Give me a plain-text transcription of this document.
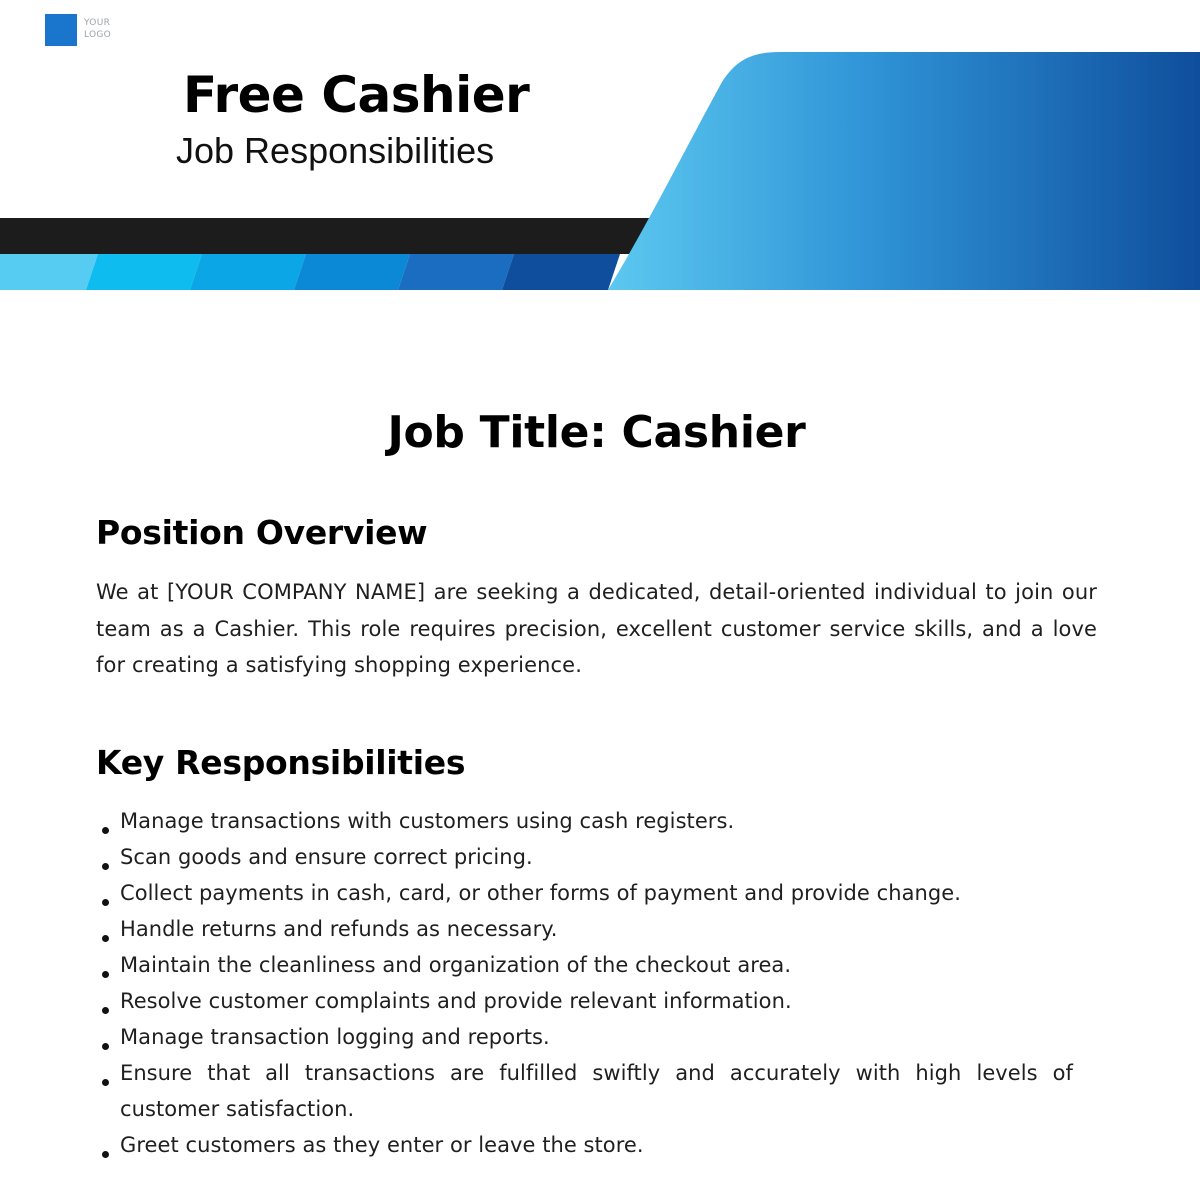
YOUR
LOGO
Free Cashier
Job Responsibilities
Job Title: Cashier
Position Overview

We at [YOUR COMPANY NAME] are seeking a dedicated, detail-oriented individual to join our team as a Cashier. This role requires precision, excellent customer service skills, and a love for creating a satisfying shopping experience.

Key Responsibilities
Manage transactions with customers using cash registers.
Scan goods and ensure correct pricing.
Collect payments in cash, card, or other forms of payment and provide change.
Handle returns and refunds as necessary.
Maintain the cleanliness and organization of the checkout area.
Resolve customer complaints and provide relevant information.
Manage transaction logging and reports.
Ensure that all transactions are fulfilled swiftly and accurately with high levels of customer satisfaction.
Greet customers as they enter or leave the store.
